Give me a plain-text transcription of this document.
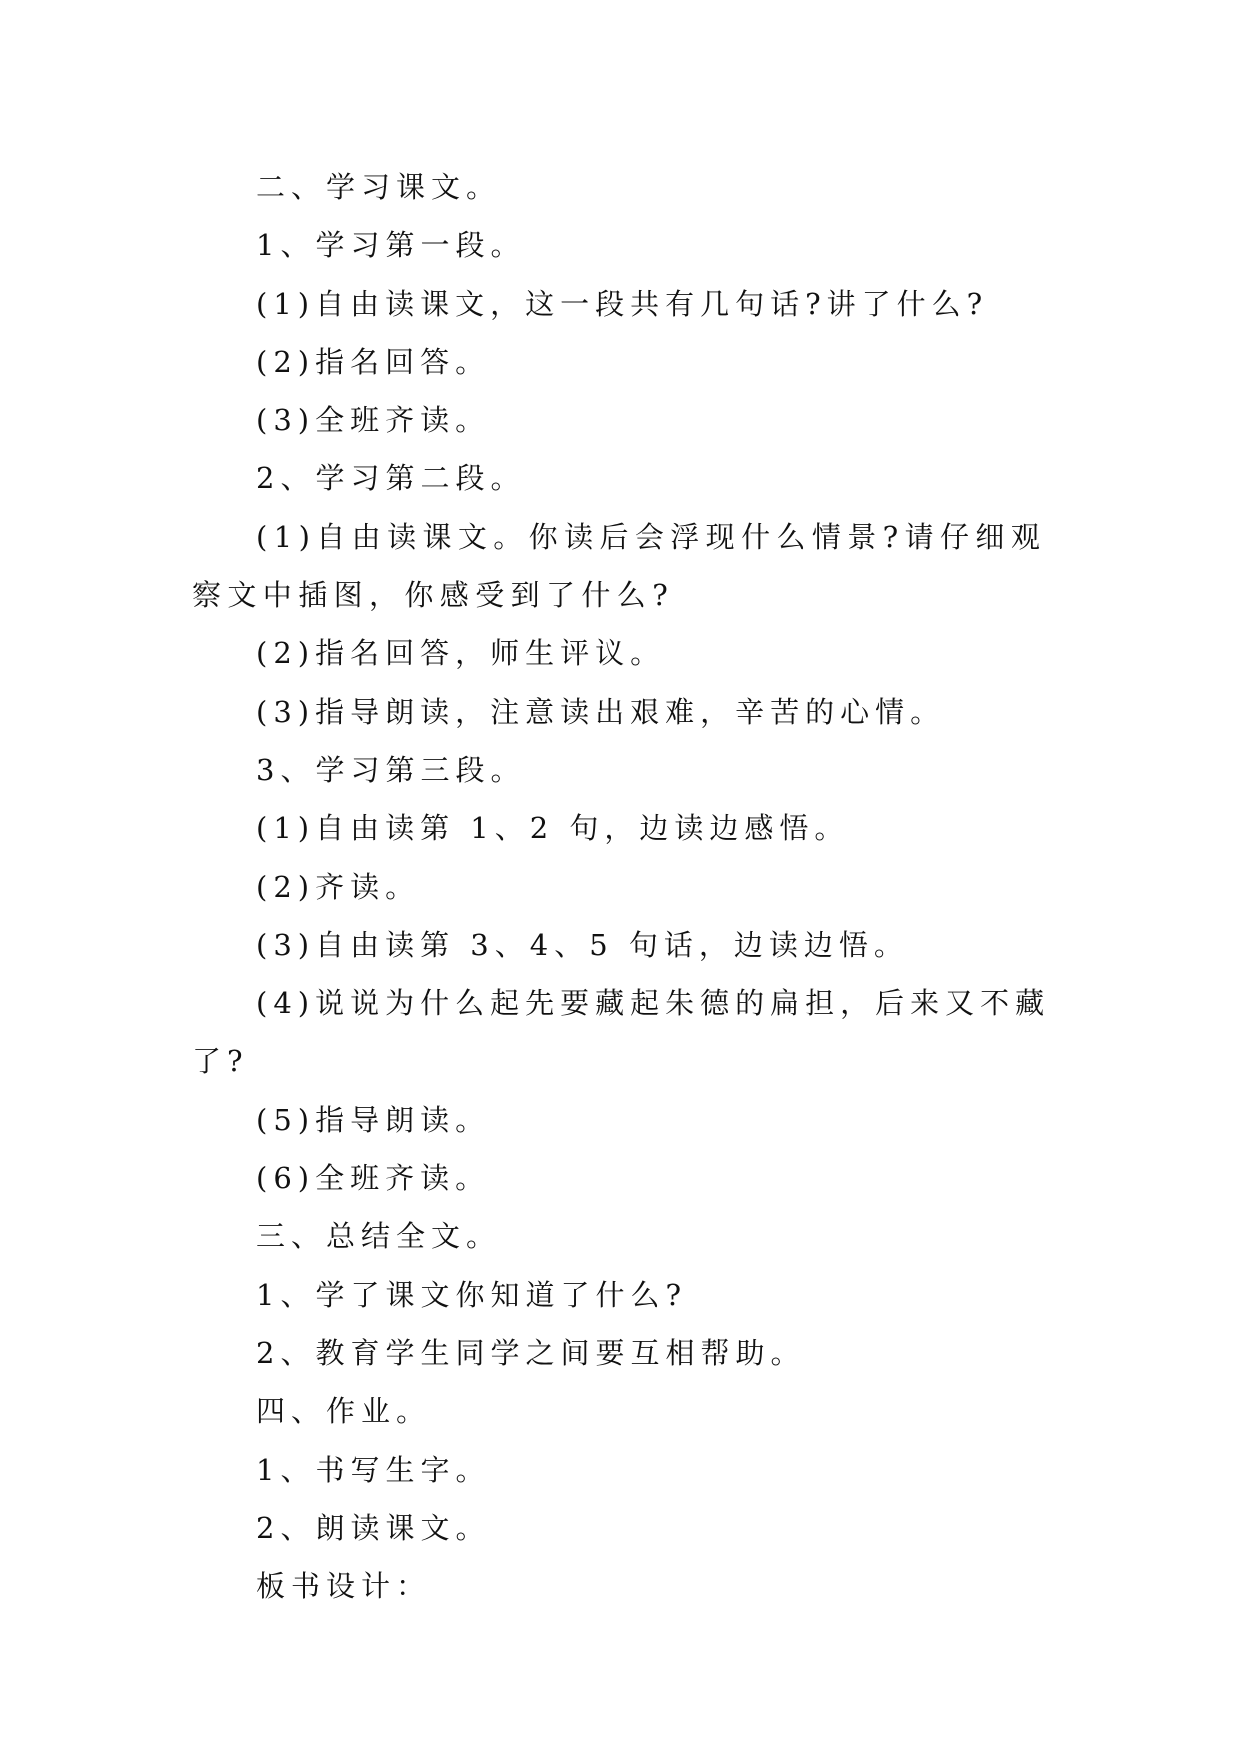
二、学习课文。

1、学习第一段。

(1)自由读课文，这一段共有几句话?讲了什么?

(2)指名回答。

(3)全班齐读。

2、学习第二段。

(1)自由读课文。你读后会浮现什么情景?请仔细观察文中插图，你感受到了什么?

(2)指名回答，师生评议。

(3)指导朗读，注意读出艰难，辛苦的心情。

3、学习第三段。

(1)自由读第 1、2 句，边读边感悟。

(2)齐读。

(3)自由读第 3、4、5 句话，边读边悟。

(4)说说为什么起先要藏起朱德的扁担，后来又不藏了?

(5)指导朗读。

(6)全班齐读。

三、总结全文。

1、学了课文你知道了什么?

2、教育学生同学之间要互相帮助。

四、作业。

1、书写生字。

2、朗读课文。

板书设计：
